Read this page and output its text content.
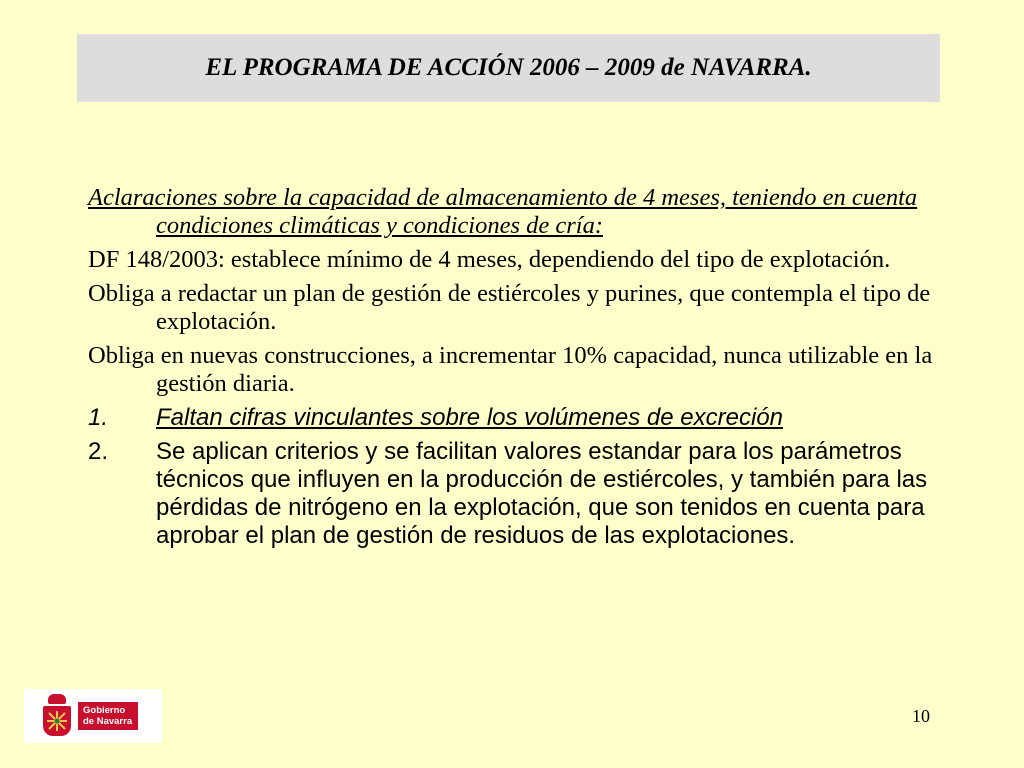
EL PROGRAMA DE ACCIÓN 2006 – 2009 de NAVARRA.

Aclaraciones sobre la capacidad de almacenamiento de 4 meses, teniendo en cuenta condiciones climáticas y condiciones de cría:

DF 148/2003: establece mínimo de 4 meses, dependiendo del tipo de explotación.

Obliga a redactar un plan de gestión de estiércoles y purines, que contempla el tipo de explotación.

Obliga en nuevas construcciones, a incrementar 10% capacidad, nunca utilizable en la gestión diaria.

1.	Faltan cifras vinculantes sobre los volúmenes de excreción
2.	Se aplican criterios y se facilitan valores estandar para los parámetros técnicos que influyen en la producción de estiércoles, y también para las pérdidas de nitrógeno en la explotación, que son tenidos en cuenta para aprobar el plan de gestión de residuos de las explotaciones.
Gobierno
de Navarra	10
